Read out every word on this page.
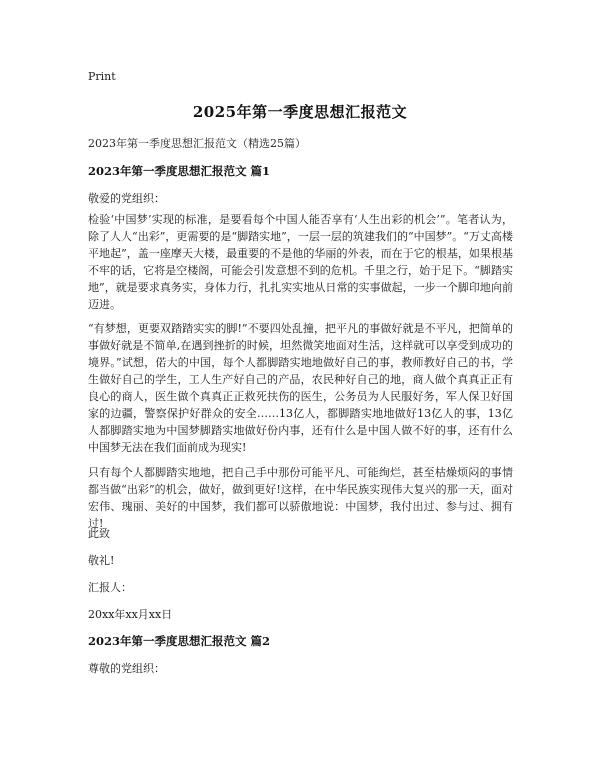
Print
2025年第一季度思想汇报范文
2023年第一季度思想汇报范文（精选25篇）
2023年第一季度思想汇报范文 篇1
敬爱的党组织：
检验‘中国梦’实现的标准，是要看每个中国人能否享有‘人生出彩的机会’”。笔者认为，除了人人“出彩”，更需要的是“脚踏实地”，一层一层的筑建我们的“中国梦”。“万丈高楼平地起”，盖一座摩天大楼，最重要的不是他的华丽的外表，而在于它的根基，如果根基不牢的话，它将是空楼阁，可能会引发意想不到的危机。千里之行，始于足下。“脚踏实地”，就是要求真务实，身体力行，扎扎实实地从日常的实事做起，一步一个脚印地向前迈进。
“有梦想，更要双踏踏实实的脚!”不要四处乱撞，把平凡的事做好就是不平凡，把简单的事做好就是不简单,在遇到挫折的时候，坦然微笑地面对生活，这样就可以享受到成功的境界。”试想，偌大的中国，每个人都脚踏实地地做好自己的事，教师教好自己的书，学生做好自己的学生，工人生产好自己的产品，农民种好自己的地，商人做个真真正正有良心的商人，医生做个真真正正救死扶伤的医生，公务员为人民服好务，军人保卫好国家的边疆，警察保护好群众的安全……13亿人，都脚踏实地地做好13亿人的事，13亿人都脚踏实地为中国梦脚踏实地做好份内事，还有什么是中国人做不好的事，还有什么中国梦无法在我们面前成为现实!
只有每个人都脚踏实地地，把自己手中那份可能平凡、可能绚烂，甚至枯燥烦闷的事情都当做“出彩”的机会，做好，做到更好!这样，在中华民族实现伟大复兴的那一天，面对宏伟、瑰丽、美好的中国梦，我们都可以骄傲地说：中国梦，我付出过、参与过、拥有过!
此致
敬礼!
汇报人：
20xx年xx月xx日
2023年第一季度思想汇报范文 篇2
尊敬的党组织：
